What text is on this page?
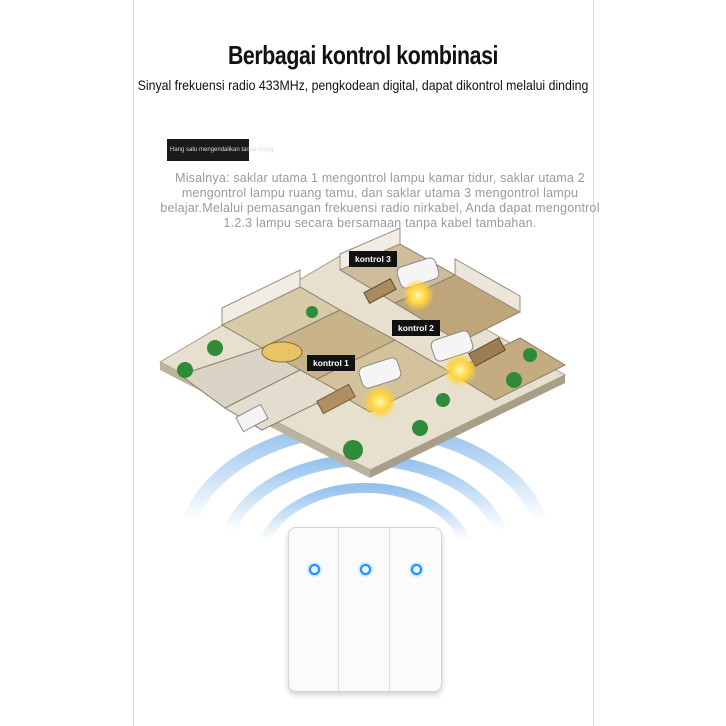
Berbagai kontrol kombinasi
Sinyal frekuensi radio 433MHz, pengkodean digital, dapat dikontrol melalui dinding
Hang satu mengendalikan tanpa orang
Misalnya: saklar utama 1 mengontrol lampu kamar tidur, saklar utama 2 mengontrol lampu ruang tamu, dan saklar utama 3 mengontrol lampu belajar.Melalui pemasangan frekuensi radio nirkabel, Anda dapat mengontrol 1.2.3 lampu secara bersamaan tanpa kabel tambahan.
kontrol 3
kontrol 2
kontrol 1
